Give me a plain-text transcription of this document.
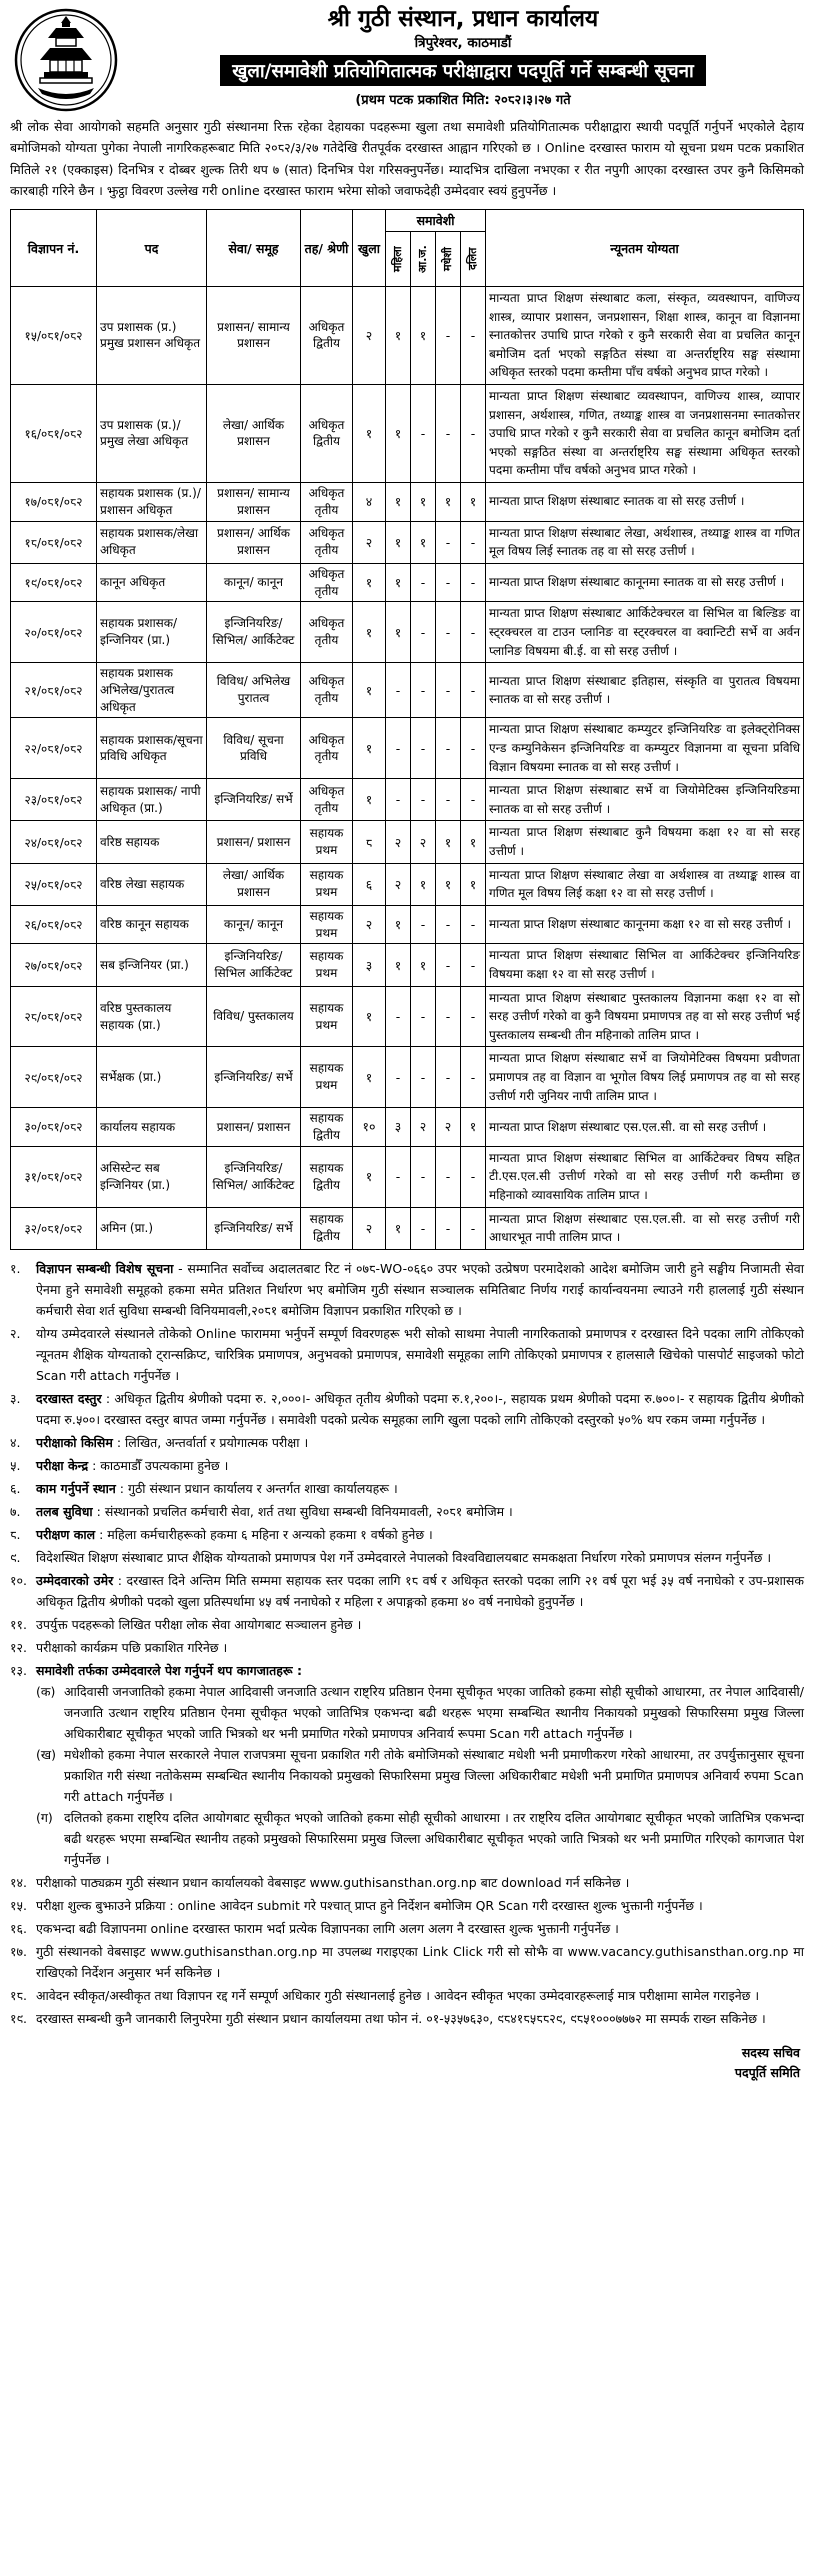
श्री गुठी संस्थान, प्रधान कार्यालय
त्रिपुरेश्वर, काठमाडौं
खुला/समावेशी प्रतियोगितात्मक परीक्षाद्वारा पदपूर्ति गर्ने सम्बन्धी सूचना
(प्रथम पटक प्रकाशित मिति: २०८२।३।२७ गते
श्री लोक सेवा आयोगको सहमति अनुसार गुठी संस्थानमा रिक्त रहेका देहायका पदहरूमा खुला तथा समावेशी प्रतियोगितात्मक परीक्षाद्वारा स्थायी पदपूर्ति गर्नुपर्ने भएकोले देहाय बमोजिमको योग्यता पुगेका नेपाली नागरिकहरूबाट मिति २०८२/३/२७ गतेदेखि रीतपूर्वक दरखास्त आह्वान गरिएको छ । Online दरखास्त फाराम यो सूचना प्रथम पटक प्रकाशित मितिले २१ (एक्काइस) दिनभित्र र दोब्बर शुल्क तिरी थप ७ (सात) दिनभित्र पेश गरिसक्नुपर्नेछ। म्यादभित्र दाखिला नभएका र रीत नपुगी आएका दरखास्त उपर कुनै किसिमको कारबाही गरिने छैन । झुट्ठा विवरण उल्लेख गरी online दरखास्त फाराम भरेमा सोको जवाफदेही उम्मेदवार स्वयं हुनुपर्नेछ ।
विज्ञापन नं.	पद	सेवा/ समूह	तह/ श्रेणी	खुला	समावेशी				न्यूनतम योग्यता

					महिला	आ.ज.	मधेशी	दलित	

१५/०८१/०८२	उप प्रशासक (प्र.) प्रमुख प्रशासन अधिकृत	प्रशासन/ सामान्य प्रशासन	अधिकृत द्वितीय	२	१	१	-	-	मान्यता प्राप्त शिक्षण संस्थाबाट कला, संस्कृत, व्यवस्थापन, वाणिज्य शास्त्र, व्यापार प्रशासन, जनप्रशासन, शिक्षा शास्त्र, कानून वा विज्ञानमा स्नातकोत्तर उपाधि प्राप्त गरेको र कुनै सरकारी सेवा वा प्रचलित कानून बमोजिम दर्ता भएको सङ्गठित संस्था वा अन्तर्राष्ट्रिय सङ्घ संस्थामा अधिकृत स्तरको पदमा कम्तीमा पाँच वर्षको अनुभव प्राप्त गरेको ।
१६/०८१/०८२	उप प्रशासक (प्र.)/प्रमुख लेखा अधिकृत	लेखा/ आर्थिक प्रशासन	अधिकृत द्वितीय	१	१	-	-	-	मान्यता प्राप्त शिक्षण संस्थाबाट व्यवस्थापन, वाणिज्य शास्त्र, व्यापार प्रशासन, अर्थशास्त्र, गणित, तथ्याङ्क शास्त्र वा जनप्रशासनमा स्नातकोत्तर उपाधि प्राप्त गरेको र कुनै सरकारी सेवा वा प्रचलित कानून बमोजिम दर्ता भएको सङ्गठित संस्था वा अन्तर्राष्ट्रिय सङ्घ संस्थामा अधिकृत स्तरको पदमा कम्तीमा पाँच वर्षको अनुभव प्राप्त गरेको ।
१७/०८१/०८२	सहायक प्रशासक (प्र.)/प्रशासन अधिकृत	प्रशासन/ सामान्य प्रशासन	अधिकृत तृतीय	४	१	१	१	१	मान्यता प्राप्त शिक्षण संस्थाबाट स्नातक वा सो सरह उत्तीर्ण ।
१८/०८१/०८२	सहायक प्रशासक/लेखा अधिकृत	प्रशासन/ आर्थिक प्रशासन	अधिकृत तृतीय	२	१	१	-	-	मान्यता प्राप्त शिक्षण संस्थाबाट लेखा, अर्थशास्त्र, तथ्याङ्क शास्त्र वा गणित मूल विषय लिई स्नातक तह वा सो सरह उत्तीर्ण ।
१९/०८१/०८२	कानून अधिकृत	कानून/ कानून	अधिकृत तृतीय	१	१	-	-	-	मान्यता प्राप्त शिक्षण संस्थाबाट कानूनमा स्नातक वा सो सरह उत्तीर्ण ।
२०/०८१/०८२	सहायक प्रशासक/ इन्जिनियर (प्रा.)	इन्जिनियरिङ/ सिभिल/ आर्किटेक्ट	अधिकृत तृतीय	१	१	-	-	-	मान्यता प्राप्त शिक्षण संस्थाबाट आर्किटेक्चरल वा सिभिल वा बिल्डिङ वा स्ट्रक्चरल वा टाउन प्लानिङ वा स्ट्रक्चरल वा क्वान्टिटी सर्भे वा अर्वन प्लानिङ विषयमा बी.ई. वा सो सरह उत्तीर्ण ।
२१/०८१/०८२	सहायक प्रशासक अभिलेख/पुरातत्व अधिकृत	विविध/ अभिलेख पुरातत्व	अधिकृत तृतीय	१	-	-	-	-	मान्यता प्राप्त शिक्षण संस्थाबाट इतिहास, संस्कृति वा पुरातत्व विषयमा स्नातक वा सो सरह उत्तीर्ण ।
२२/०८१/०८२	सहायक प्रशासक/सूचना प्रविधि अधिकृत	विविध/ सूचना प्रविधि	अधिकृत तृतीय	१	-	-	-	-	मान्यता प्राप्त शिक्षण संस्थाबाट कम्प्युटर इन्जिनियरिङ वा इलेक्ट्रोनिक्स एन्ड कम्युनिकेसन इन्जिनियरिङ वा कम्प्युटर विज्ञानमा वा सूचना प्रविधि विज्ञान विषयमा स्नातक वा सो सरह उत्तीर्ण ।
२३/०८१/०८२	सहायक प्रशासक/ नापी अधिकृत (प्रा.)	इन्जिनियरिङ/ सर्भे	अधिकृत तृतीय	१	-	-	-	-	मान्यता प्राप्त शिक्षण संस्थाबाट सर्भे वा जियोमेटिक्स इन्जिनियरिङमा स्नातक वा सो सरह उत्तीर्ण ।
२४/०८१/०८२	वरिष्ठ सहायक	प्रशासन/ प्रशासन	सहायक प्रथम	८	२	२	१	१	मान्यता प्राप्त शिक्षण संस्थाबाट कुनै विषयमा कक्षा १२ वा सो सरह उत्तीर्ण ।
२५/०८१/०८२	वरिष्ठ लेखा सहायक	लेखा/ आर्थिक प्रशासन	सहायक प्रथम	६	२	१	१	१	मान्यता प्राप्त शिक्षण संस्थाबाट लेखा वा अर्थशास्त्र वा तथ्याङ्क शास्त्र वा गणित मूल विषय लिई कक्षा १२ वा सो सरह उत्तीर्ण ।
२६/०८१/०८२	वरिष्ठ कानून सहायक	कानून/ कानून	सहायक प्रथम	२	१	-	-	-	मान्यता प्राप्त शिक्षण संस्थाबाट कानूनमा कक्षा १२ वा सो सरह उत्तीर्ण ।
२७/०८१/०८२	सब इन्जिनियर (प्रा.)	इन्जिनियरिङ/ सिभिल आर्किटेक्ट	सहायक प्रथम	३	१	१	-	-	मान्यता प्राप्त शिक्षण संस्थाबाट सिभिल वा आर्किटेक्चर इन्जिनियरिङ विषयमा कक्षा १२ वा सो सरह उत्तीर्ण ।
२८/०८१/०८२	वरिष्ठ पुस्तकालय सहायक (प्रा.)	विविध/ पुस्तकालय	सहायक प्रथम	१	-	-	-	-	मान्यता प्राप्त शिक्षण संस्थाबाट पुस्तकालय विज्ञानमा कक्षा १२ वा सो सरह उत्तीर्ण गरेको वा कुनै विषयमा प्रमाणपत्र तह वा सो सरह उत्तीर्ण भई पुस्तकालय सम्बन्धी तीन महिनाको तालिम प्राप्त ।
२९/०८१/०८२	सर्भेक्षक (प्रा.)	इन्जिनियरिङ/ सर्भे	सहायक प्रथम	१	-	-	-	-	मान्यता प्राप्त शिक्षण संस्थाबाट सर्भे वा जियोमेटिक्स विषयमा प्रवीणता प्रमाणपत्र तह वा विज्ञान वा भूगोल विषय लिई प्रमाणपत्र तह वा सो सरह उत्तीर्ण गरी जुनियर नापी तालिम प्राप्त ।
३०/०८१/०८२	कार्यालय सहायक	प्रशासन/ प्रशासन	सहायक द्वितीय	१०	३	२	२	१	मान्यता प्राप्त शिक्षण संस्थाबाट एस.एल.सी. वा सो सरह उत्तीर्ण ।
३१/०८१/०८२	असिस्टेन्ट सब इन्जिनियर (प्रा.)	इन्जिनियरिङ/ सिभिल/ आर्किटेक्ट	सहायक द्वितीय	१	-	-	-	-	मान्यता प्राप्त शिक्षण संस्थाबाट सिभिल वा आर्किटेक्चर विषय सहित टी.एस.एल.सी उत्तीर्ण गरेको वा सो सरह उत्तीर्ण गरी कम्तीमा छ महिनाको व्यावसायिक तालिम प्राप्त ।
३२/०८१/०८२	अमिन (प्रा.)	इन्जिनियरिङ/ सर्भे	सहायक द्वितीय	२	१	-	-	-	मान्यता प्राप्त शिक्षण संस्थाबाट एस.एल.सी. वा सो सरह उत्तीर्ण गरी आधारभूत नापी तालिम प्राप्त ।
१.	विज्ञापन सम्बन्धी विशेष सूचना - सम्मानित सर्वोच्च अदालतबाट रिट नं ०७८-WO-०६६० उपर भएको उत्प्रेषण परमादेशको आदेश बमोजिम जारी हुने सङ्घीय निजामती सेवा ऐनमा हुने समावेशी समूहको हकमा समेत प्रतिशत निर्धारण भए बमोजिम गुठी संस्थान सञ्चालक समितिबाट निर्णय गराई कार्यान्वयनमा ल्याउने गरी हाललाई गुठी संस्थान कर्मचारी सेवा शर्त सुविधा सम्बन्धी विनियमावली,२०८१ बमोजिम विज्ञापन प्रकाशित गरिएको छ ।
२.	योग्य उम्मेदवारले संस्थानले तोकेको Online फाराममा भर्नुपर्ने सम्पूर्ण विवरणहरू भरी सोको साथमा नेपाली नागरिकताको प्रमाणपत्र र दरखास्त दिने पदका लागि तोकिएको न्यूनतम शैक्षिक योग्यताको ट्रान्सक्रिप्ट, चारित्रिक प्रमाणपत्र, अनुभवको प्रमाणपत्र, समावेशी समूहका लागि तोकिएको प्रमाणपत्र र हालसालै खिचेको पासपोर्ट साइजको फोटो Scan गरी attach गर्नुपर्नेछ ।
३.	दरखास्त दस्तुर : अधिकृत द्वितीय श्रेणीको पदमा रु. २,०००।- अधिकृत तृतीय श्रेणीको पदमा रु.१,२००।-, सहायक प्रथम श्रेणीको पदमा रु.७००।- र सहायक द्वितीय श्रेणीको पदमा रु.५००। दरखास्त दस्तुर बापत जम्मा गर्नुपर्नेछ । समावेशी पदको प्रत्येक समूहका लागि खुला पदको लागि तोकिएको दस्तुरको ५०% थप रकम जम्मा गर्नुपर्नेछ ।
४.	परीक्षाको किसिम : लिखित, अन्तर्वार्ता र प्रयोगात्मक परीक्षा ।
५.	परीक्षा केन्द्र : काठमाडौँ उपत्यकामा हुनेछ ।
६.	काम गर्नुपर्ने स्थान : गुठी संस्थान प्रधान कार्यालय र अन्तर्गत शाखा कार्यालयहरू ।
७.	तलब सुविधा : संस्थानको प्रचलित कर्मचारी सेवा, शर्त तथा सुविधा सम्बन्धी विनियमावली, २०८१ बमोजिम ।
८.	परीक्षण काल : महिला कर्मचारीहरूको हकमा ६ महिना र अन्यको हकमा १ वर्षको हुनेछ ।
९.	विदेशस्थित शिक्षण संस्थाबाट प्राप्त शैक्षिक योग्यताको प्रमाणपत्र पेश गर्ने उम्मेदवारले नेपालको विश्वविद्यालयबाट समकक्षता निर्धारण गरेको प्रमाणपत्र संलग्न गर्नुपर्नेछ ।
१०. उम्मेदवारको उमेर : दरखास्त दिने अन्तिम मिति सम्ममा सहायक स्तर पदका लागि १८ वर्ष र अधिकृत स्तरको पदका लागि २१ वर्ष पूरा भई ३५ वर्ष ननाघेको र उप-प्रशासक अधिकृत द्वितीय श्रेणीको पदको खुला प्रतिस्पर्धामा ४५ वर्ष ननाघेको र महिला र अपाङ्गको हकमा ४० वर्ष ननाघेको हुनुपर्नेछ ।
११. उपर्युक्त पदहरूको लिखित परीक्षा लोक सेवा आयोगबाट सञ्चालन हुनेछ ।
१२. परीक्षाको कार्यक्रम पछि प्रकाशित गरिनेछ ।
१३. समावेशी तर्फका उम्मेदवारले पेश गर्नुपर्ने थप कागजातहरू :
(क) आदिवासी जनजातिको हकमा नेपाल आदिवासी जनजाति उत्थान राष्ट्रिय प्रतिष्ठान ऐनमा सूचीकृत भएका जातिको हकमा सोही सूचीको आधारमा, तर नेपाल आदिवासी/जनजाति उत्थान राष्ट्रिय प्रतिष्ठान ऐनमा सूचीकृत भएको जातिभित्र एकभन्दा बढी थरहरू भएमा सम्बन्धित स्थानीय निकायको प्रमुखको सिफारिसमा प्रमुख जिल्ला अधिकारीबाट सूचीकृत भएको जाति भित्रको थर भनी प्रमाणित गरेको प्रमाणपत्र अनिवार्य रूपमा Scan गरी attach गर्नुपर्नेछ ।
(ख) मधेशीको हकमा नेपाल सरकारले नेपाल राजपत्रमा सूचना प्रकाशित गरी तोके बमोजिमको संस्थाबाट मधेशी भनी प्रमाणीकरण गरेको आधारमा, तर उपर्युक्तानुसार सूचना प्रकाशित गरी संस्था नतोकेसम्म सम्बन्धित स्थानीय निकायको प्रमुखको सिफारिसमा प्रमुख जिल्ला अधिकारीबाट मधेशी भनी प्रमाणित प्रमाणपत्र अनिवार्य रुपमा Scan गरी attach गर्नुपर्नेछ ।
(ग) दलितको हकमा राष्ट्रिय दलित आयोगबाट सूचीकृत भएको जातिको हकमा सोही सूचीको आधारमा । तर राष्ट्रिय दलित आयोगबाट सूचीकृत भएको जातिभित्र एकभन्दा बढी थरहरू भएमा सम्बन्धित स्थानीय तहको प्रमुखको सिफारिसमा प्रमुख जिल्ला अधिकारीबाट सूचीकृत भएको जाति भित्रको थर भनी प्रमाणित गरिएको कागजात पेश गर्नुपर्नेछ ।
१४. परीक्षाको पाठ्यक्रम गुठी संस्थान प्रधान कार्यालयको वेबसाइट www.guthisansthan.org.np बाट download गर्न सकिनेछ ।
१५. परीक्षा शुल्क बुझाउने प्रक्रिया : online आवेदन submit गरे पश्चात् प्राप्त हुने निर्देशन बमोजिम QR Scan गरी दरखास्त शुल्क भुक्तानी गर्नुपर्नेछ ।
१६. एकभन्दा बढी विज्ञापनमा online दरखास्त फाराम भर्दा प्रत्येक विज्ञापनका लागि अलग अलग नै दरखास्त शुल्क भुक्तानी गर्नुपर्नेछ ।
१७. गुठी संस्थानको वेबसाइट www.guthisansthan.org.np मा उपलब्ध गराइएका Link Click गरी सो सोझै वा www.vacancy.guthisansthan.org.np मा राखिएको निर्देशन अनुसार भर्न सकिनेछ ।
१८. आवेदन स्वीकृत/अस्वीकृत तथा विज्ञापन रद्द गर्ने सम्पूर्ण अधिकार गुठी संस्थानलाई हुनेछ । आवेदन स्वीकृत भएका उम्मेदवारहरूलाई मात्र परीक्षामा सामेल गराइनेछ ।
१९. दरखास्त सम्बन्धी कुनै जानकारी लिनुपरेमा गुठी संस्थान प्रधान कार्यालयमा तथा फोन नं. ०१-५३५७६३०, ९८४१८५८८२९, ९८५१०००७७७२ मा सम्पर्क राख्न सकिनेछ ।
सदस्य सचिव
पदपूर्ति समिति
